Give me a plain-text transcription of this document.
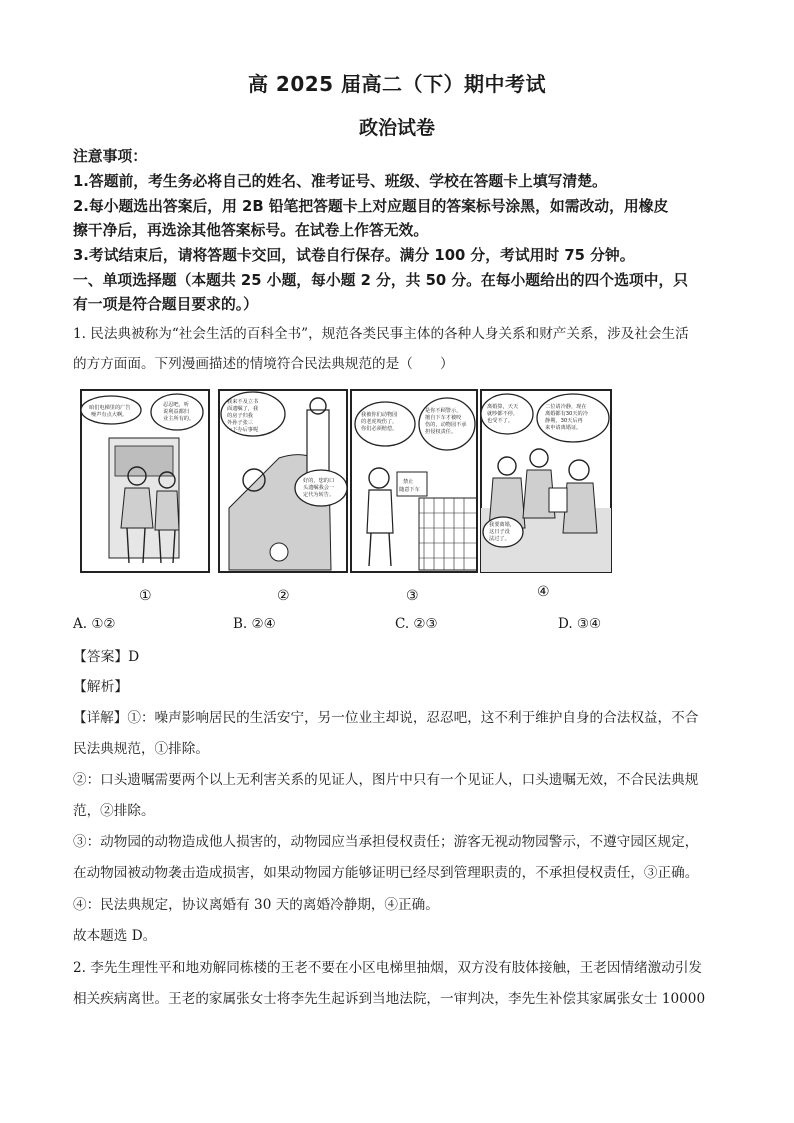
高 2025 届高二（下）期中考试
政治试卷
注意事项：
1.答题前，考生务必将自己的姓名、准考证号、班级、学校在答题卡上填写清楚。
2.每小题选出答案后，用 2B 铅笔把答题卡上对应题目的答案标号涂黑，如需改动，用橡皮
擦干净后，再选涂其他答案标号。在试卷上作答无效。
3.考试结束后，请将答题卡交回，试卷自行保存。满分 100 分，考试用时 75 分钟。
一、单项选择题（本题共 25 小题，每小题 2 分，共 50 分。在每小题给出的四个选项中，只
有一项是符合题目要求的。）
1. 民法典被称为“社会生活的百科全书”，规范各类民事主体的各种人身关系和财产关系，涉及社会生活
的方方面面。下列漫画描述的情境符合民法典规范的是（　　）
咱们电梯里的广告
噪声有点大啊。
忍忍吧，听
说利益都归
业主所有的。
我来不及立书
面遗嘱了，我
的房子归我
外孙子张三
一下办后事呢
好的，您的口
头遗嘱我会一
定代为转告。
禁止
随意下车
我被你们动物园
的老虎咬伤了，
你们必须赔偿。
是你不顾警示，
擅自下车才被咬
伤的，动物园不承
担侵权责任。
离婚算，天天
就吵都不停，
也受不了。
二位请冷静，现在
离婚都有30天的冷
静期，30天后再
来申请离婚证。
我要离婚，
这日子没
法过了。
①	②	③	④
A. ①②	B. ②④	C. ②③	D. ③④
【答案】D
【解析】
【详解】①：噪声影响居民的生活安宁，另一位业主却说，忍忍吧，这不利于维护自身的合法权益，不合
民法典规范，①排除。
②：口头遗嘱需要两个以上无利害关系的见证人，图片中只有一个见证人，口头遗嘱无效，不合民法典规
范，②排除。
③：动物园的动物造成他人损害的，动物园应当承担侵权责任；游客无视动物园警示，不遵守园区规定，
在动物园被动物袭击造成损害，如果动物园方能够证明已经尽到管理职责的，不承担侵权责任，③正确。
④：民法典规定，协议离婚有 30 天的离婚冷静期，④正确。
故本题选 D。
2. 李先生理性平和地劝解同栋楼的王老不要在小区电梯里抽烟，双方没有肢体接触，王老因情绪激动引发
相关疾病离世。王老的家属张女士将李先生起诉到当地法院，一审判决，李先生补偿其家属张女士 10000
